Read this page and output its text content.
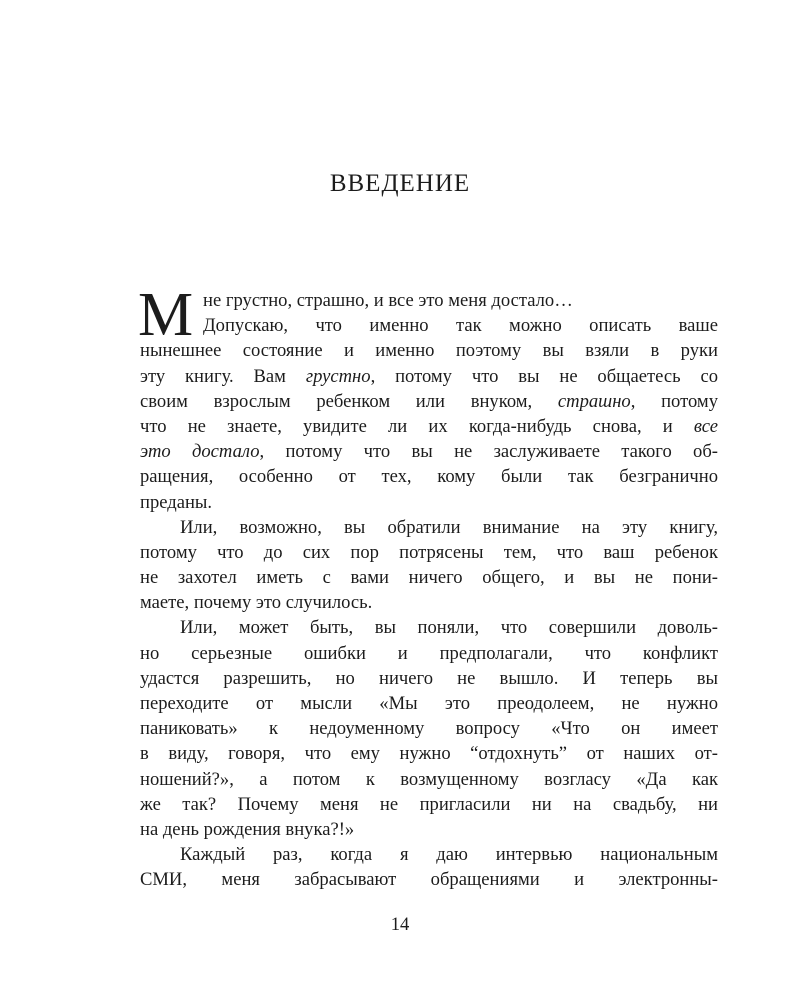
ВВЕДЕНИЕ
М не грустно, страшно, и все это меня достало…
Допускаю, что именно так можно описать ваше
нынешнее состояние и именно поэтому вы взяли в руки
эту книгу. Вам грустно, потому что вы не общаетесь со
своим взрослым ребенком или внуком, страшно, потому
что не знаете, увидите ли их когда-нибудь снова, и все
это достало, потому что вы не заслуживаете такого об-
ращения, особенно от тех, кому были так безгранично
преданы.
Или, возможно, вы обратили внимание на эту книгу,
потому что до сих пор потрясены тем, что ваш ребенок
не захотел иметь с вами ничего общего, и вы не пони-
маете, почему это случилось.
Или, может быть, вы поняли, что совершили доволь-
но серьезные ошибки и предполагали, что конфликт
удастся разрешить, но ничего не вышло. И теперь вы
переходите от мысли «Мы это преодолеем, не нужно
паниковать» к недоуменному вопросу «Что он имеет
в виду, говоря, что ему нужно “отдохнуть” от наших от-
ношений?», а потом к возмущенному возгласу «Да как
же так? Почему меня не пригласили ни на свадьбу, ни
на день рождения внука?!»
Каждый раз, когда я даю интервью национальным
СМИ, меня забрасывают обращениями и электронны-
14
